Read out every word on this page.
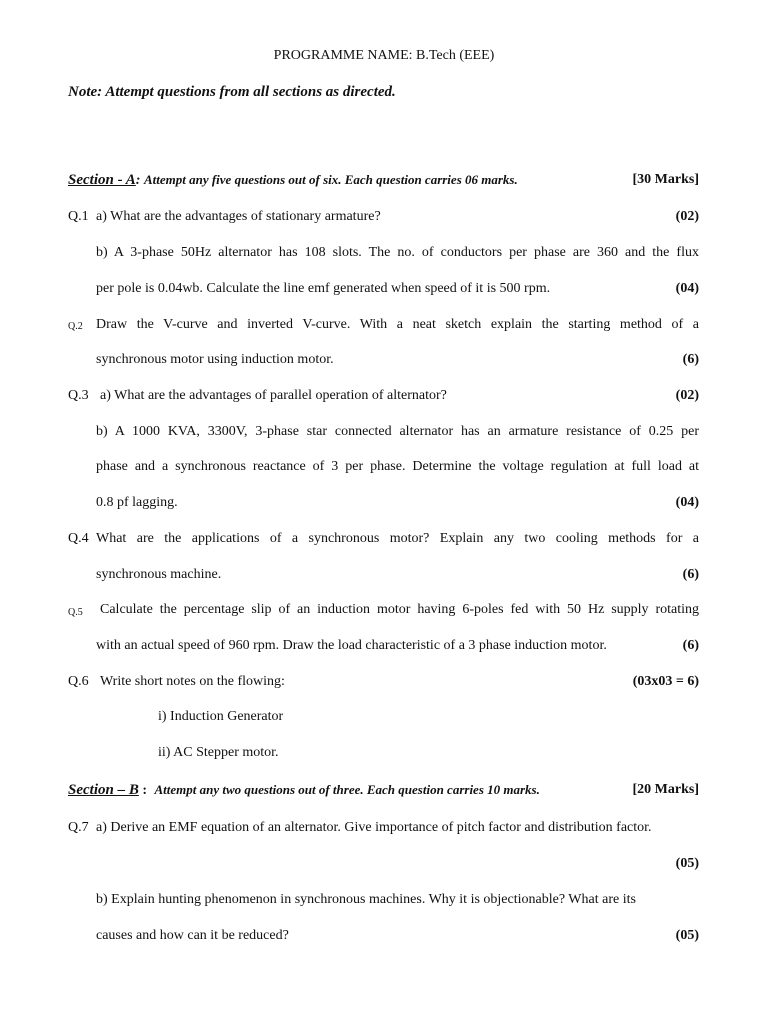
PROGRAMME NAME: B.Tech (EEE)
Note: Attempt questions from all sections as directed.
Section - A: Attempt any five questions out of six. Each question carries 06 marks.	[30 Marks]
Q.1 a) What are the advantages of stationary armature?	(02)
b) A 3-phase 50Hz alternator has 108 slots. The no. of conductors per phase are 360 and the flux
per pole is 0.04wb. Calculate the line emf generated when speed of it is 500 rpm.	(04)
Q.2 Draw the V-curve and inverted V-curve. With a neat sketch explain the starting method of a
synchronous motor using induction motor.	(6)
Q.3 a) What are the advantages of parallel operation of alternator?	(02)
b) A 1000 KVA, 3300V, 3-phase star connected alternator has an armature resistance of 0.25 per
phase and a synchronous reactance of 3 per phase. Determine the voltage regulation at full load at
0.8 pf lagging.	(04)
Q.4 What are the applications of a synchronous motor? Explain any two cooling methods for a
synchronous machine.	(6)
Q.5 Calculate the percentage slip of an induction motor having 6-poles fed with 50 Hz supply rotating
with an actual speed of 960 rpm. Draw the load characteristic of a 3 phase induction motor.	(6)
Q.6 Write short notes on the flowing:	(03x03 = 6)
i) Induction Generator
ii) AC Stepper motor.
Section – B : Attempt any two questions out of three. Each question carries 10 marks.	[20 Marks]
Q.7 a) Derive an EMF equation of an alternator. Give importance of pitch factor and distribution factor.
(05)
b) Explain hunting phenomenon in synchronous machines. Why it is objectionable? What are its
causes and how can it be reduced?	(05)
